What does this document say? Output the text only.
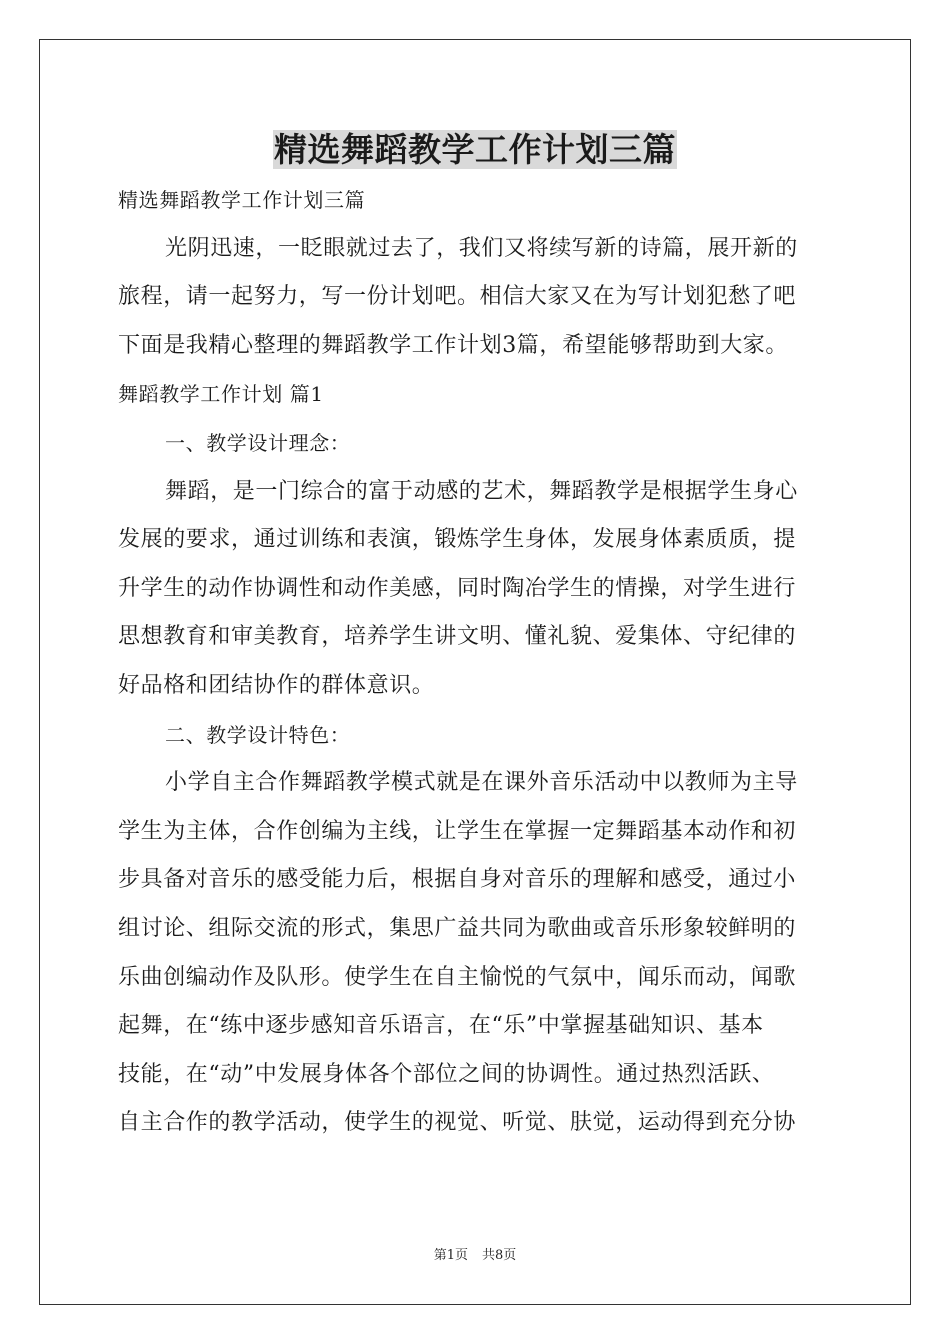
精选舞蹈教学工作计划三篇
精选舞蹈教学工作计划三篇
光阴迅速，一眨眼就过去了，我们又将续写新的诗篇，展开新的
旅程，请一起努力，写一份计划吧。相信大家又在为写计划犯愁了吧
下面是我精心整理的舞蹈教学工作计划3篇，希望能够帮助到大家。
舞蹈教学工作计划 篇1
一、教学设计理念：
舞蹈，是一门综合的富于动感的艺术，舞蹈教学是根据学生身心
发展的要求，通过训练和表演，锻炼学生身体，发展身体素质质，提
升学生的动作协调性和动作美感，同时陶冶学生的情操，对学生进行
思想教育和审美教育，培养学生讲文明、懂礼貌、爱集体、守纪律的
好品格和团结协作的群体意识。
二、教学设计特色：
小学自主合作舞蹈教学模式就是在课外音乐活动中以教师为主导
学生为主体，合作创编为主线，让学生在掌握一定舞蹈基本动作和初
步具备对音乐的感受能力后，根据自身对音乐的理解和感受，通过小
组讨论、组际交流的形式，集思广益共同为歌曲或音乐形象较鲜明的
乐曲创编动作及队形。使学生在自主愉悦的气氛中，闻乐而动，闻歌
起舞，在“练中逐步感知音乐语言，在“乐”中掌握基础知识、基本
技能，在“动”中发展身体各个部位之间的协调性。通过热烈活跃、
自主合作的教学活动，使学生的视觉、听觉、肤觉，运动得到充分协
第1页 共8页
